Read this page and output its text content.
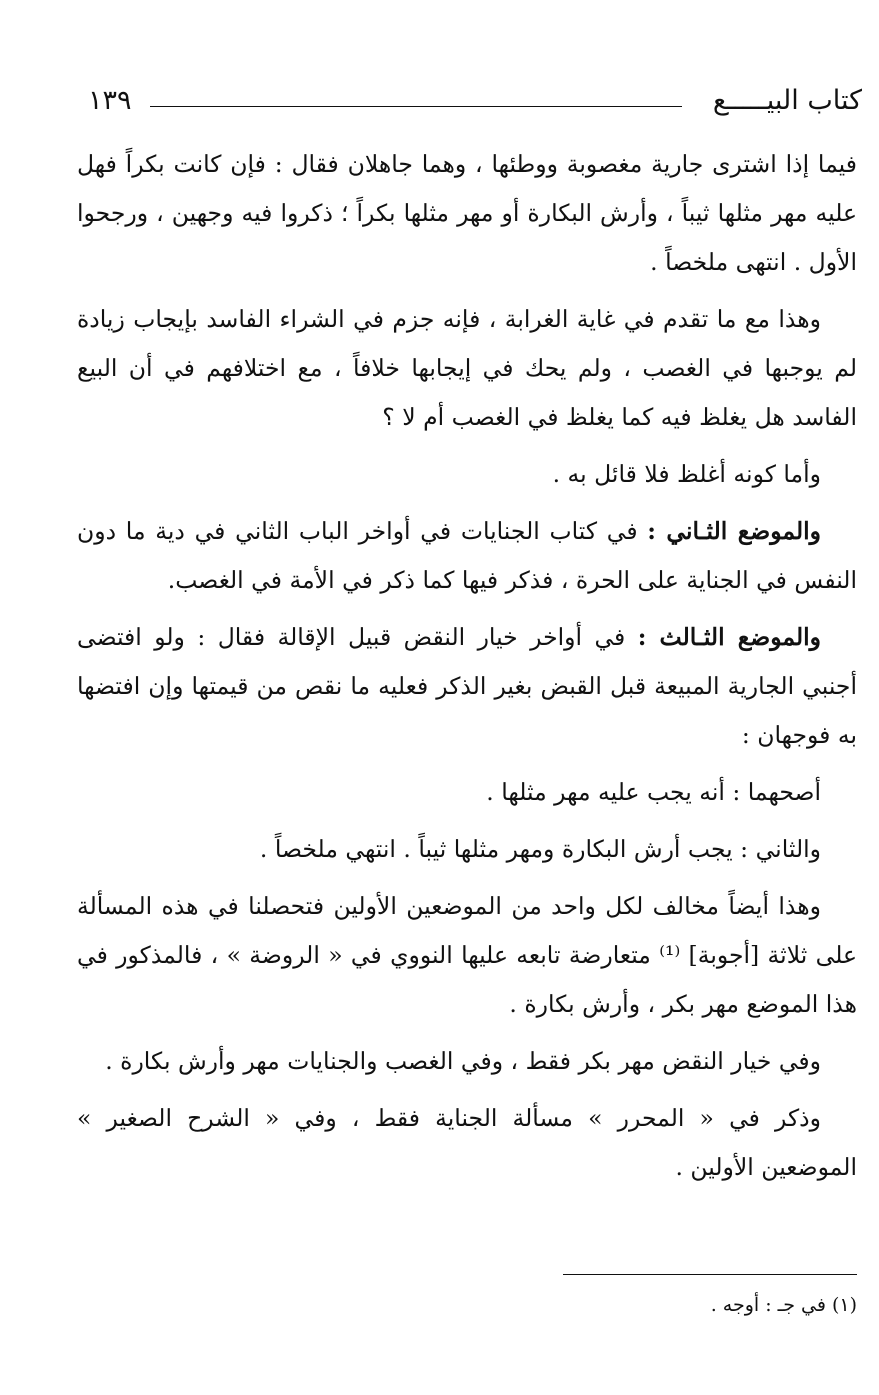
كتاب البيـــــع
١٣٩

فيما إذا اشترى جارية مغصوبة ووطئها ، وهما جاهلان فقال : فإن كانت بكراً فهل عليه مهر مثلها ثيباً ، وأرش البكارة أو مهر مثلها بكراً ؛ ذكروا فيه وجهين ، ورجحوا الأول . انتهى ملخصاً .

وهذا مع ما تقدم في غاية الغرابة ، فإنه جزم في الشراء الفاسد بإيجاب زيادة لم يوجبها في الغصب ، ولم يحك في إيجابها خلافاً ، مع اختلافهم في أن البيع الفاسد هل يغلظ فيه كما يغلظ في الغصب أم لا ؟

وأما كونه أغلظ فلا قائل به .

والموضع الثـاني : في كتاب الجنايات في أواخر الباب الثاني في دية ما دون النفس في الجناية على الحرة ، فذكر فيها كما ذكر في الأمة في الغصب.

والموضع الثـالث : في أواخر خيار النقض قبيل الإقالة فقال : ولو افتضى أجنبي الجارية المبيعة قبل القبض بغير الذكر فعليه ما نقص من قيمتها وإن افتضها به فوجهان :

أصحهما : أنه يجب عليه مهر مثلها .

والثاني : يجب أرش البكارة ومهر مثلها ثيباً . انتهي ملخصاً .

وهذا أيضاً مخالف لكل واحد من الموضعين الأولين فتحصلنا في هذه المسألة على ثلاثة [أجوبة] ⁽¹⁾ متعارضة تابعه عليها النووي في « الروضة » ، فالمذكور في هذا الموضع مهر بكر ، وأرش بكارة .

وفي خيار النقض مهر بكر فقط ، وفي الغصب والجنايات مهر وأرش بكارة .

وذكر في « المحرر » مسألة الجناية فقط ، وفي « الشرح الصغير » الموضعين الأولين .

(١) في جـ : أوجه .
